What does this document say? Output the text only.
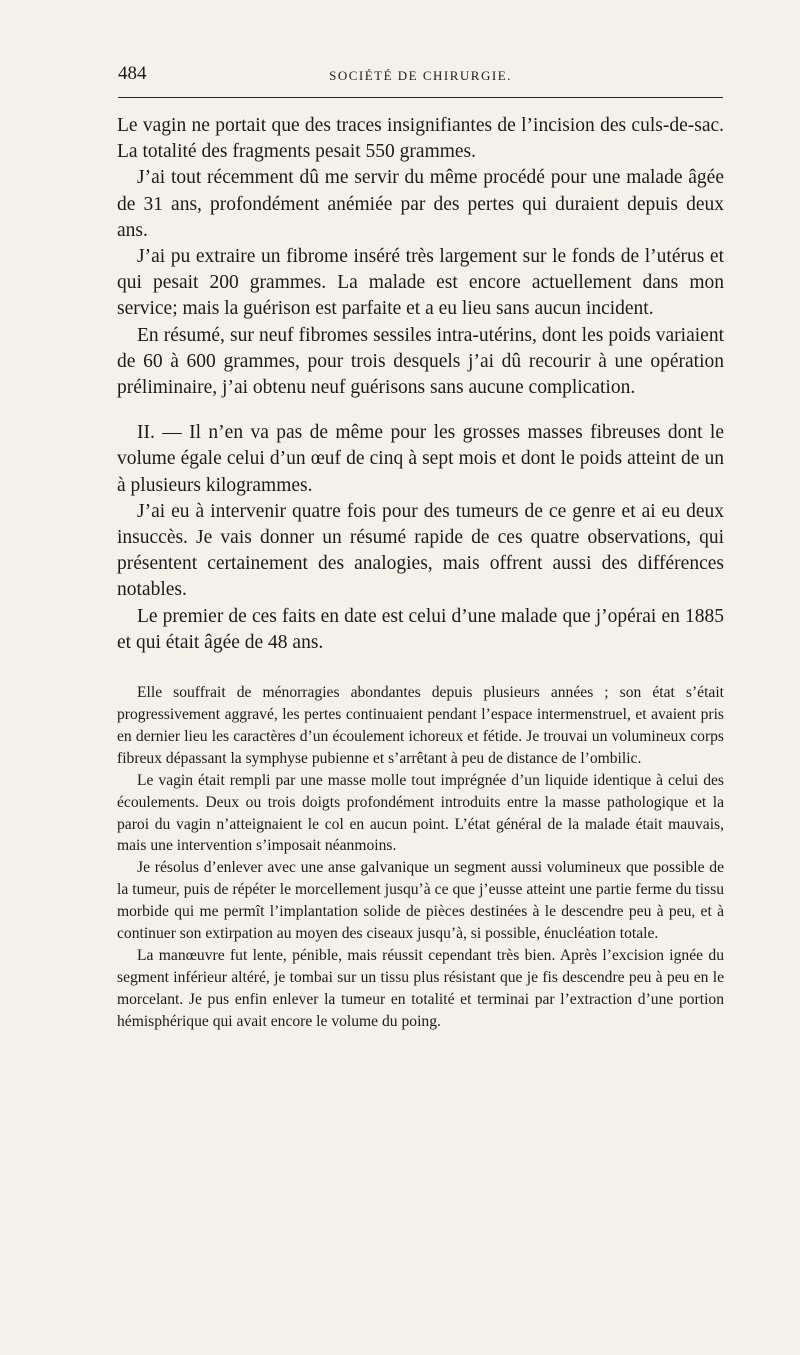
484	SOCIÉTÉ DE CHIRURGIE.

Le vagin ne portait que des traces insignifiantes de l’incision des culs-de-sac. La totalité des fragments pesait 550 grammes.

J’ai tout récemment dû me servir du même procédé pour une malade âgée de 31 ans, profondément anémiée par des pertes qui duraient depuis deux ans.

J’ai pu extraire un fibrome inséré très largement sur le fonds de l’utérus et qui pesait 200 grammes. La malade est encore actuellement dans mon service; mais la guérison est parfaite et a eu lieu sans aucun incident.

En résumé, sur neuf fibromes sessiles intra-utérins, dont les poids variaient de 60 à 600 grammes, pour trois desquels j’ai dû recourir à une opération préliminaire, j’ai obtenu neuf guérisons sans aucune complication.

II. — Il n’en va pas de même pour les grosses masses fibreuses dont le volume égale celui d’un œuf de cinq à sept mois et dont le poids atteint de un à plusieurs kilogrammes.

J’ai eu à intervenir quatre fois pour des tumeurs de ce genre et ai eu deux insuccès. Je vais donner un résumé rapide de ces quatre observations, qui présentent certainement des analogies, mais offrent aussi des différences notables.

Le premier de ces faits en date est celui d’une malade que j’opérai en 1885 et qui était âgée de 48 ans.

Elle souffrait de ménorragies abondantes depuis plusieurs années ; son état s’était progressivement aggravé, les pertes continuaient pendant l’espace intermenstruel, et avaient pris en dernier lieu les caractères d’un écoulement ichoreux et fétide. Je trouvai un volumineux corps fibreux dépassant la symphyse pubienne et s’arrêtant à peu de distance de l’ombilic.

Le vagin était rempli par une masse molle tout imprégnée d’un liquide identique à celui des écoulements. Deux ou trois doigts profondément introduits entre la masse pathologique et la paroi du vagin n’atteignaient le col en aucun point. L’état général de la malade était mauvais, mais une intervention s’imposait néanmoins.

Je résolus d’enlever avec une anse galvanique un segment aussi volumineux que possible de la tumeur, puis de répéter le morcellement jusqu’à ce que j’eusse atteint une partie ferme du tissu morbide qui me permît l’implantation solide de pièces destinées à le descendre peu à peu, et à continuer son extirpation au moyen des ciseaux jusqu’à, si possible, énucléation totale.

La manœuvre fut lente, pénible, mais réussit cependant très bien. Après l’excision ignée du segment inférieur altéré, je tombai sur un tissu plus résistant que je fis descendre peu à peu en le morcelant. Je pus enfin enlever la tumeur en totalité et terminai par l’extraction d’une portion hémisphérique qui avait encore le volume du poing.
